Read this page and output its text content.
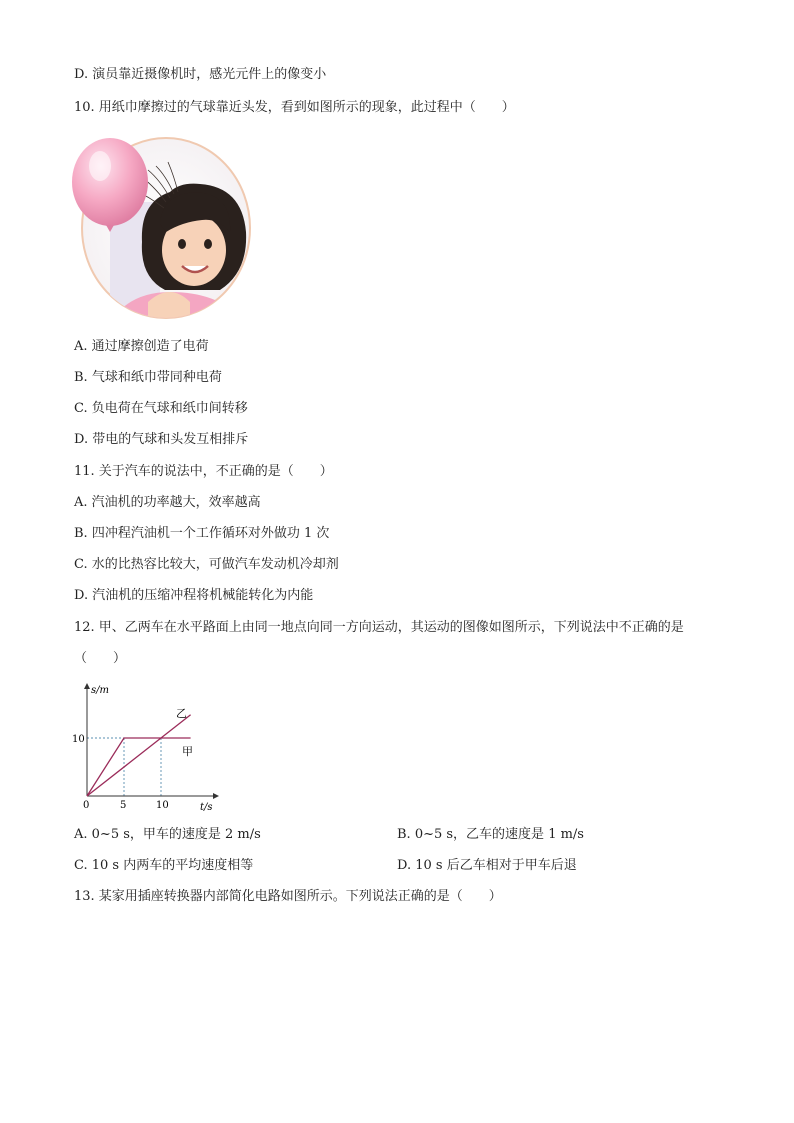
D. 演员靠近摄像机时，感光元件上的像变小
10. 用纸巾摩擦过的气球靠近头发，看到如图所示的现象，此过程中（　　）
A. 通过摩擦创造了电荷
B. 气球和纸巾带同种电荷
C. 负电荷在气球和纸巾间转移
D. 带电的气球和头发互相排斥
11. 关于汽车的说法中，不正确的是（　　）
A. 汽油机的功率越大，效率越高
B. 四冲程汽油机一个工作循环对外做功 1 次
C. 水的比热容比较大，可做汽车发动机冷却剂
D. 汽油机的压缩冲程将机械能转化为内能
12. 甲、乙两车在水平路面上由同一地点向同一方向运动，其运动的图像如图所示，下列说法中不正确的是
（　　）
s/m
t/s
0	5	10
10
乙
甲
A. 0~5 s，甲车的速度是 2 m/s	B. 0~5 s，乙车的速度是 1 m/s
C. 10 s 内两车的平均速度相等	D. 10 s 后乙车相对于甲车后退
13. 某家用插座转换器内部简化电路如图所示。下列说法正确的是（　　）
